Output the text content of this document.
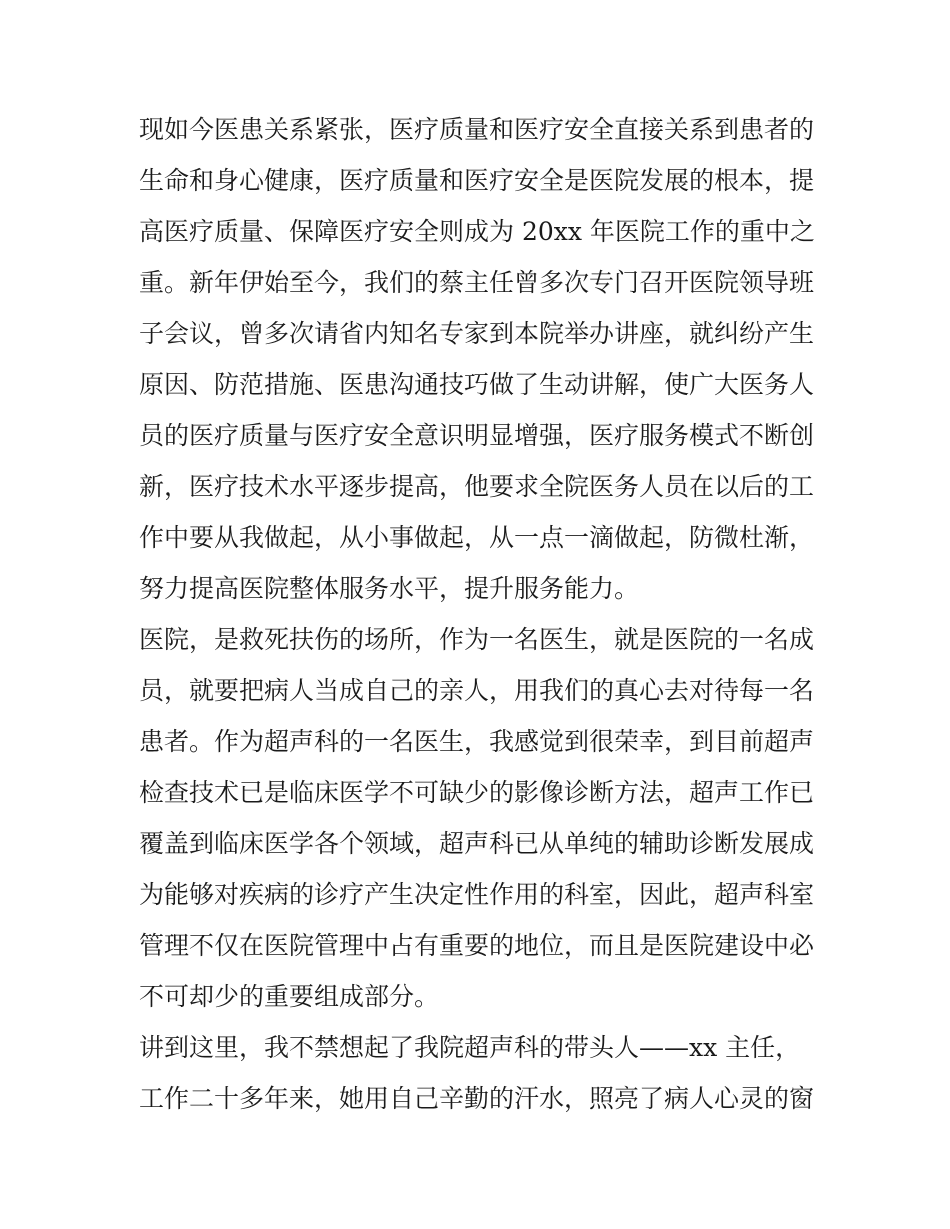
现如今医患关系紧张，医疗质量和医疗安全直接关系到患者的
生命和身心健康，医疗质量和医疗安全是医院发展的根本，提
高医疗质量、保障医疗安全则成为 20xx 年医院工作的重中之
重。新年伊始至今，我们的蔡主任曾多次专门召开医院领导班
子会议，曾多次请省内知名专家到本院举办讲座，就纠纷产生
原因、防范措施、医患沟通技巧做了生动讲解，使广大医务人
员的医疗质量与医疗安全意识明显增强，医疗服务模式不断创
新，医疗技术水平逐步提高，他要求全院医务人员在以后的工
作中要从我做起，从小事做起，从一点一滴做起，防微杜渐，
努力提高医院整体服务水平，提升服务能力。
医院，是救死扶伤的场所，作为一名医生，就是医院的一名成
员，就要把病人当成自己的亲人，用我们的真心去对待每一名
患者。作为超声科的一名医生，我感觉到很荣幸，到目前超声
检查技术已是临床医学不可缺少的影像诊断方法，超声工作已
覆盖到临床医学各个领域，超声科已从单纯的辅助诊断发展成
为能够对疾病的诊疗产生决定性作用的科室，因此，超声科室
管理不仅在医院管理中占有重要的地位，而且是医院建设中必
不可却少的重要组成部分。
讲到这里，我不禁想起了我院超声科的带头人——xx 主任，
工作二十多年来，她用自己辛勤的汗水，照亮了病人心灵的窗
